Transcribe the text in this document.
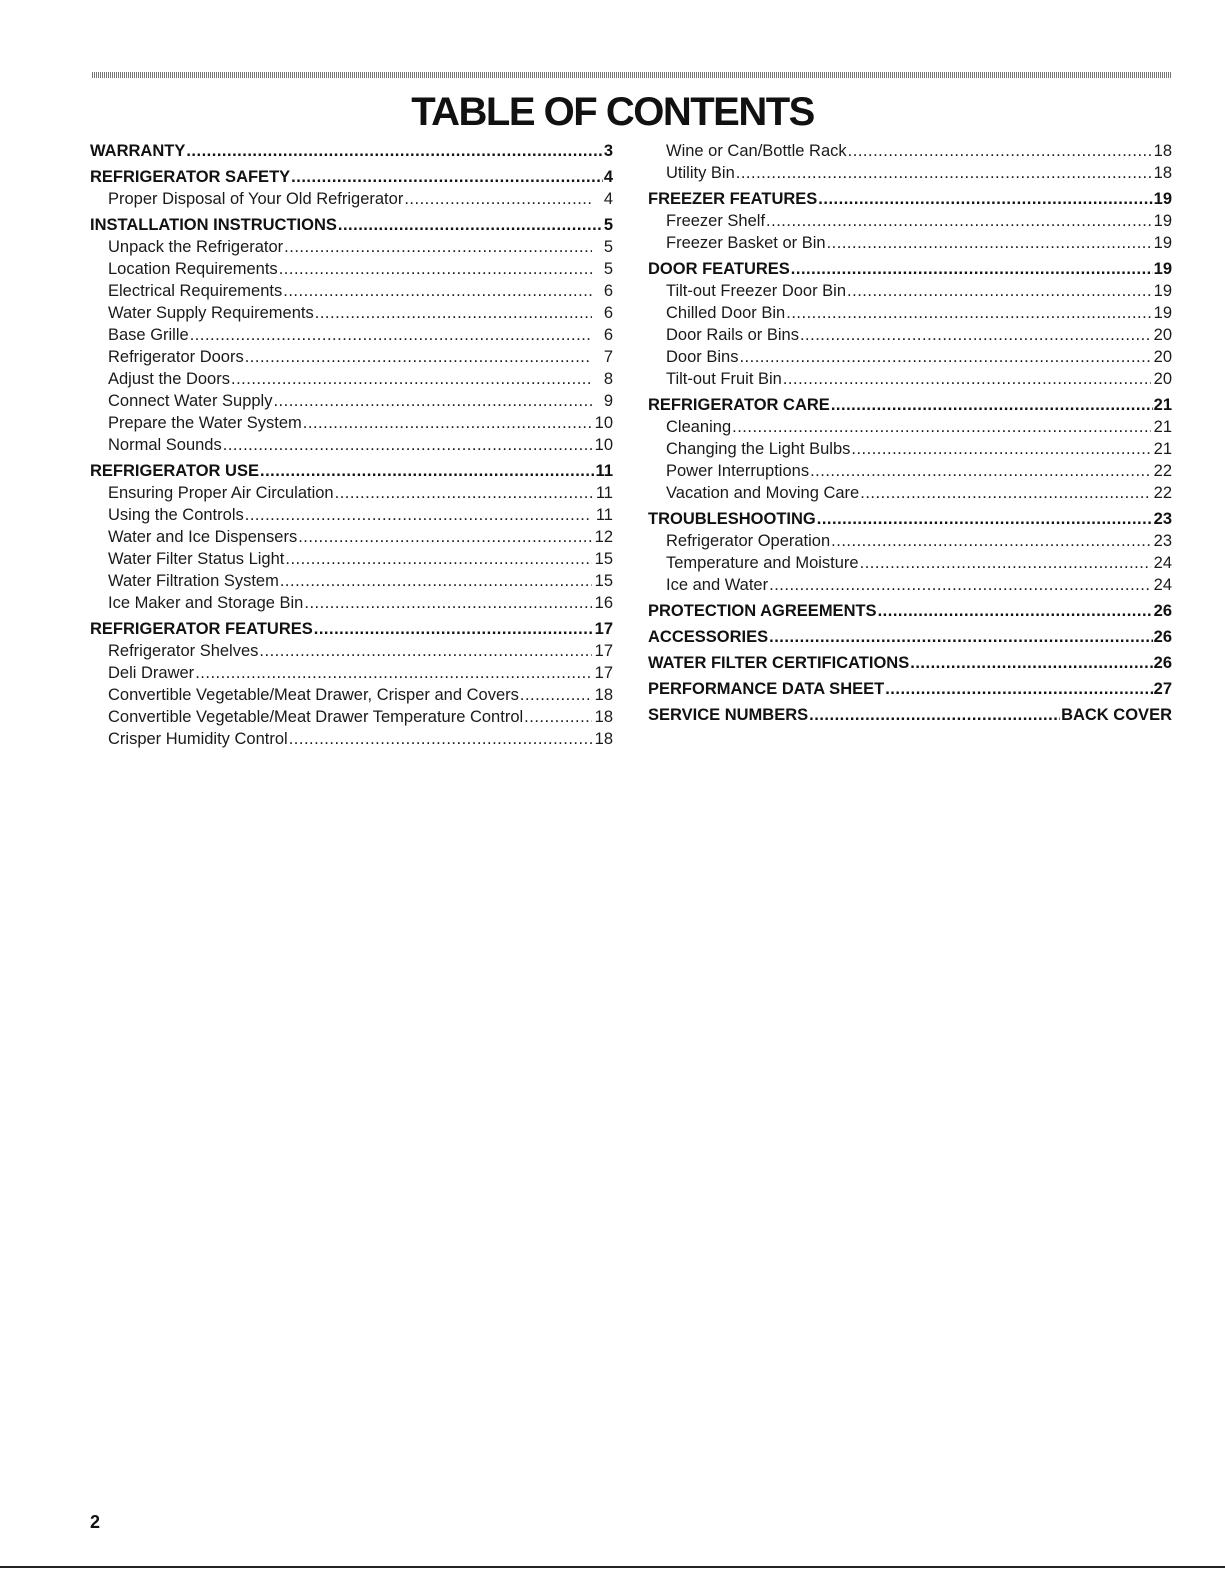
TABLE OF CONTENTS
WARRANTY .....	3
REFRIGERATOR SAFETY .....	4
Proper Disposal of Your Old Refrigerator .....	4
INSTALLATION INSTRUCTIONS .....	5
Unpack the Refrigerator .....	5
Location Requirements .....	5
Electrical Requirements .....	6
Water Supply Requirements .....	6
Base Grille .....	6
Refrigerator Doors .....	7
Adjust the Doors .....	8
Connect Water Supply .....	9
Prepare the Water System .....	10
Normal Sounds .....	10
REFRIGERATOR USE .....	11
Ensuring Proper Air Circulation .....	11
Using the Controls .....	11
Water and Ice Dispensers .....	12
Water Filter Status Light .....	15
Water Filtration System .....	15
Ice Maker and Storage Bin .....	16
REFRIGERATOR FEATURES .....	17
Refrigerator Shelves .....	17
Deli Drawer .....	17
Convertible Vegetable/Meat Drawer, Crisper and Covers .....	18
Convertible Vegetable/Meat Drawer Temperature Control .....	18
Crisper Humidity Control .....	18
Wine or Can/Bottle Rack .....	18
Utility Bin .....	18
FREEZER FEATURES .....	19
Freezer Shelf .....	19
Freezer Basket or Bin .....	19
DOOR FEATURES .....	19
Tilt-out Freezer Door Bin .....	19
Chilled Door Bin .....	19
Door Rails or Bins .....	20
Door Bins .....	20
Tilt-out Fruit Bin .....	20
REFRIGERATOR CARE .....	21
Cleaning .....	21
Changing the Light Bulbs .....	21
Power Interruptions .....	22
Vacation and Moving Care .....	22
TROUBLESHOOTING .....	23
Refrigerator Operation .....	23
Temperature and Moisture .....	24
Ice and Water .....	24
PROTECTION AGREEMENTS .....	26
ACCESSORIES .....	26
WATER FILTER CERTIFICATIONS .....	26
PERFORMANCE DATA SHEET .....	27
SERVICE NUMBERS .....	BACK COVER
2
